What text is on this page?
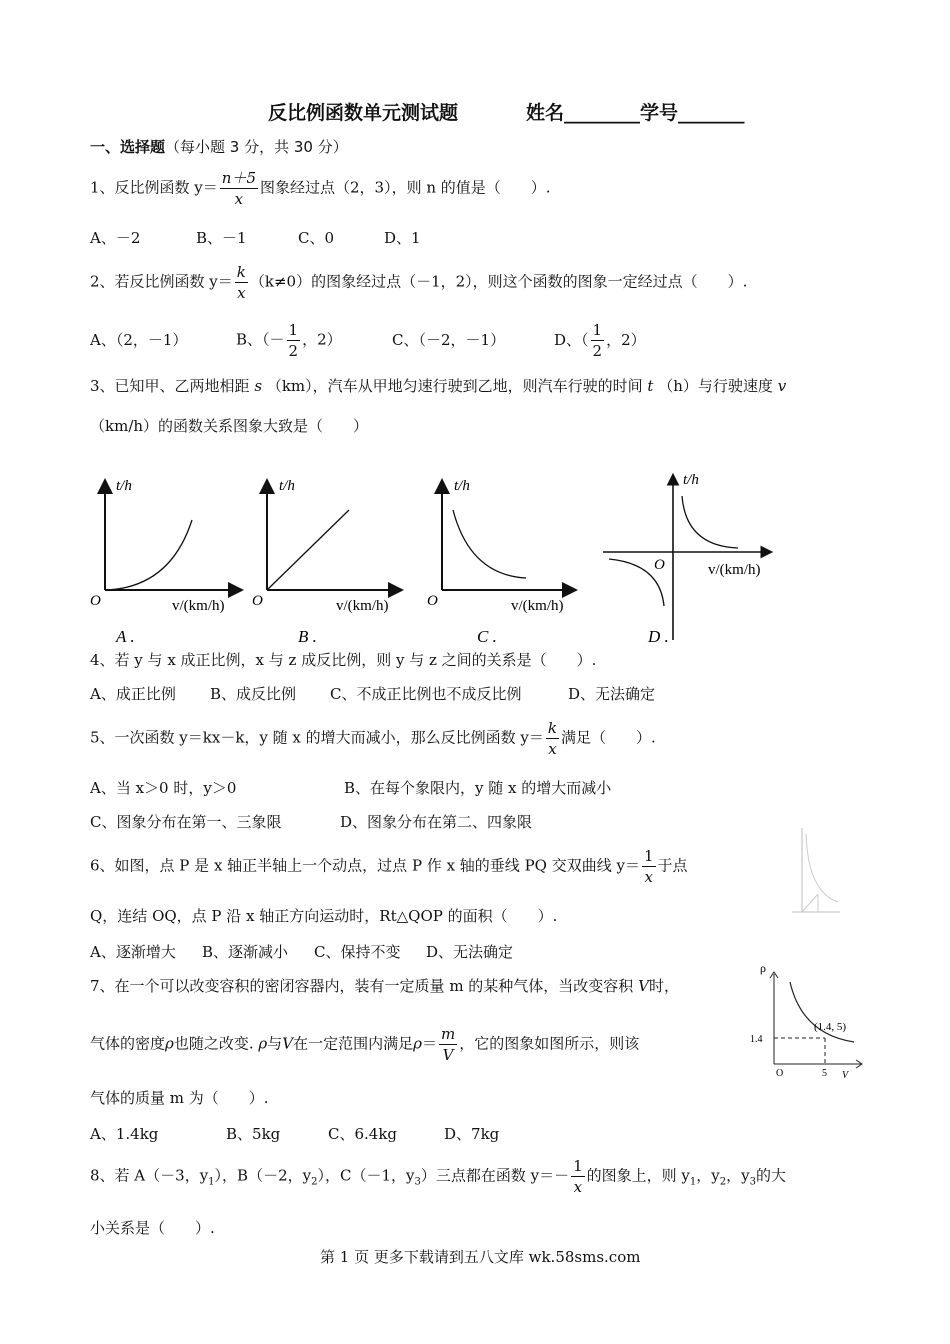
反比例函数单元测试题	姓名________学号_______
一、选择题（每小题 3 分，共 30 分）
1、反比例函数 $y= \frac{n+5}{x}$ 图象经过点（2，3），则 n 的值是（　　）.
A、－2	B、－1	C、0	D、1
2、若反比例函数 $y= \frac{k}{x} (k\ne 0)$的图象经过点（－1，2），则这个函数的图象一定经过点（　　）.
A、（2，－1）	B、（－ $\frac{1}{2}$ ，2）	C、（－2，－1）	D、（ $\frac{1}{2}$ ，2）
3、已知甲、乙两地相距 s （km），汽车从甲地匀速行驶到乙地，则汽车行驶的时间 t （h）与行驶速度 v
（km/h）的函数关系图象大致是（　　）
t/h
O	v/(km/h)
A .
t/h
O	v/(km/h)
B .
t/h
O	v/(km/h)
C .
t/h
O	v/(km/h)
D .
4、若 y 与 x 成正比例，x 与 z 成反比例，则 y 与 z 之间的关系是（　　）.
A、成正比例 B、成反比例 C、不成正比例也不成反比例	D、无法确定
5、一次函数 y＝kx－k，y 随 x 的增大而减小，那么反比例函数 $y= \frac{k}{x}$ 满足（　　）.
A、当 x＞0 时，y＞0	B、在每个象限内，y 随 x 的增大而减小
C、图象分布在第一、三象限	D、图象分布在第二、四象限
6、如图，点 P 是 x 轴正半轴上一个动点，过点 P 作 x 轴的垂线 PQ 交双曲线 $y= \frac{1}{x}$ 于点
Q，连结 OQ，点 P 沿 x 轴正方向运动时，Rt△QOP 的面积（　　）.
A、逐渐增大 B、逐渐减小 C、保持不变 D、无法确定
7、在一个可以改变容积的密闭容器内，装有一定质量 m 的某种气体，当改变容积 V时，
气体的密度ρ也随之改变. ρ与V在一定范围内满足$\rho= \frac{m}{V}$ ，它的图象如图所示，则该
气体的质量 m 为（　　）.
A、1.4kg	B、5kg	C、6.4kg	D、7kg
ρ
1.4
(1.4, 5)
O	5 V
8、若 A（－3，$y_1$），B（－2，$y_2$），C（－1，$y_3$）三点都在函数 $y=- \frac{1}{x}$ 的图象上，则 $y_1$，$y_2$，$y_3$的大
小关系是（　　）.
第 1 页 更多下载请到五八文库 wk.58sms.com
